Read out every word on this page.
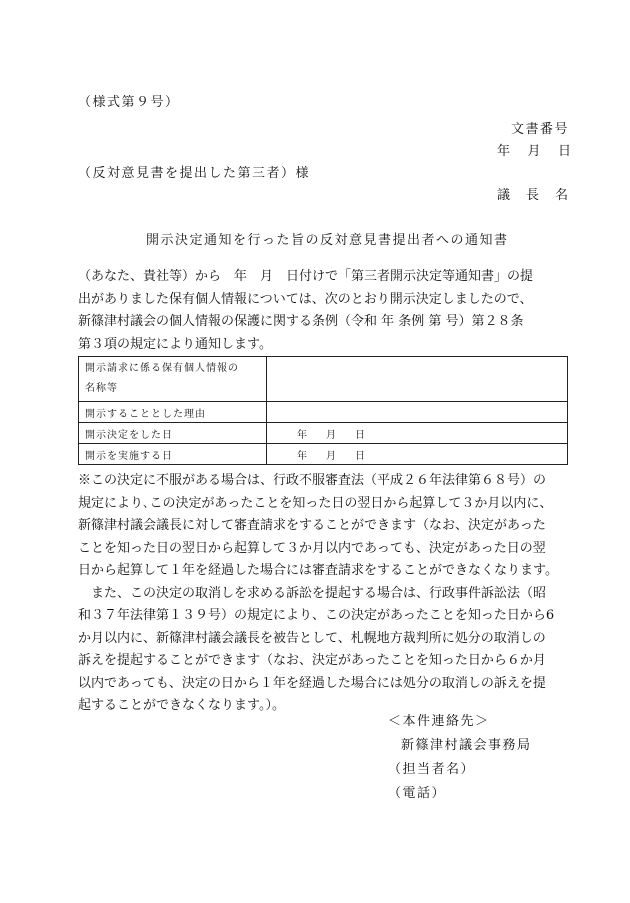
（様式第９号）
文書番号
年 月 日
（反対意見書を提出した第三者）様
議　長　名
開示決定通知を行った旨の反対意見書提出者への通知書
（あなた、貴社等）から　年　月　日付けで「第三者開示決定等通知書」の提
出がありました保有個人情報については、次のとおり開示決定しましたので、
新篠津村議会の個人情報の保護に関する条例（令和 年 条例 第 号）第２８条
第３項の規定により通知します。
開示請求に係る保有個人情報の
名称等	

開示することとした理由	
開示決定をした日	年 月 日
開示を実施する日	年 月 日
※この決定に不服がある場合は、行政不服審査法（平成２６年法律第６８号）の
規定により､この決定があったことを知った日の翌日から起算して３か月以内に、
新篠津村議会議長に対して審査請求をすることができます（なお、決定があった
ことを知った日の翌日から起算して３か月以内であっても、決定があった日の翌
日から起算して１年を経過した場合には審査請求をすることができなくなります。
　また、この決定の取消しを求める訴訟を提起する場合は、行政事件訴訟法（昭
和３７年法律第１３９号）の規定により、この決定があったことを知った日から6
か月以内に、新篠津村議会議長を被告として、札幌地方裁判所に処分の取消しの
訴えを提起することができます（なお、決定があったことを知った日から６か月
以内であっても、決定の日から１年を経過した場合には処分の取消しの訴えを提
起することができなくなります。）。
＜本件連絡先＞
新篠津村議会事務局
（担当者名）
（電話）
